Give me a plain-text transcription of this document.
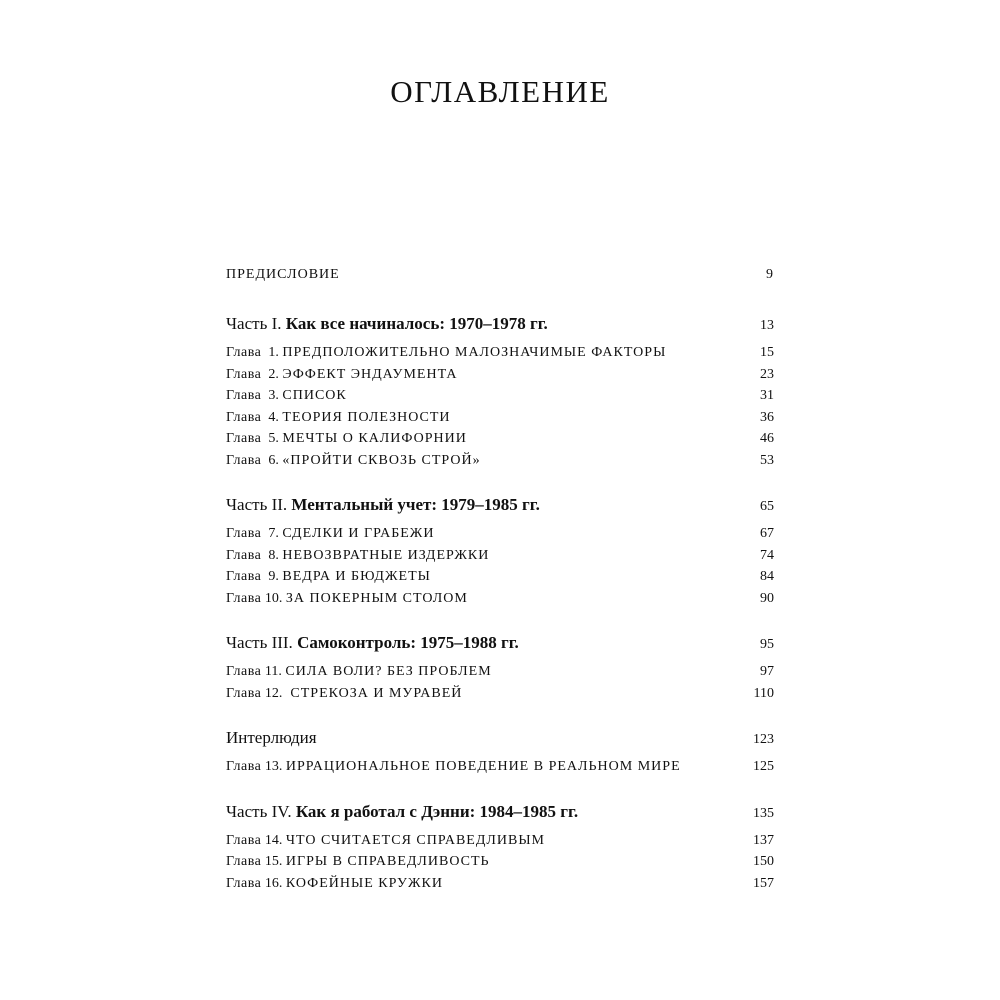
ОГЛАВЛЕНИЕ
ПРЕДИСЛОВИЕ	9
Часть I. Как все начиналось: 1970–1978 гг.	13
Глава  1. ПРЕДПОЛОЖИТЕЛЬНО МАЛОЗНАЧИМЫЕ ФАКТОРЫ	15
Глава  2. ЭФФЕКТ ЭНДАУМЕНТА	23
Глава  3. СПИСОК	31
Глава  4. ТЕОРИЯ ПОЛЕЗНОСТИ	36
Глава  5. МЕЧТЫ О КАЛИФОРНИИ	46
Глава  6. «ПРОЙТИ СКВОЗЬ СТРОЙ»	53
Часть II. Ментальный учет: 1979–1985 гг.	65
Глава  7. СДЕЛКИ И ГРАБЕЖИ	67
Глава  8. НЕВОЗВРАТНЫЕ ИЗДЕРЖКИ	74
Глава  9. ВЕДРА И БЮДЖЕТЫ	84
Глава 10. ЗА ПОКЕРНЫМ СТОЛОМ	90
Часть III. Самоконтроль: 1975–1988 гг.	95
Глава 11. СИЛА ВОЛИ? БЕЗ ПРОБЛЕМ	97
Глава 12.  СТРЕКОЗА И МУРАВЕЙ	110
Интерлюдия	123
Глава 13. ИРРАЦИОНАЛЬНОЕ ПОВЕДЕНИЕ В РЕАЛЬНОМ МИРЕ	125
Часть IV. Как я работал с Дэнни: 1984–1985 гг.	135
Глава 14. ЧТО СЧИТАЕТСЯ СПРАВЕДЛИВЫМ	137
Глава 15. ИГРЫ В СПРАВЕДЛИВОСТЬ	150
Глава 16. КОФЕЙНЫЕ КРУЖКИ	157
